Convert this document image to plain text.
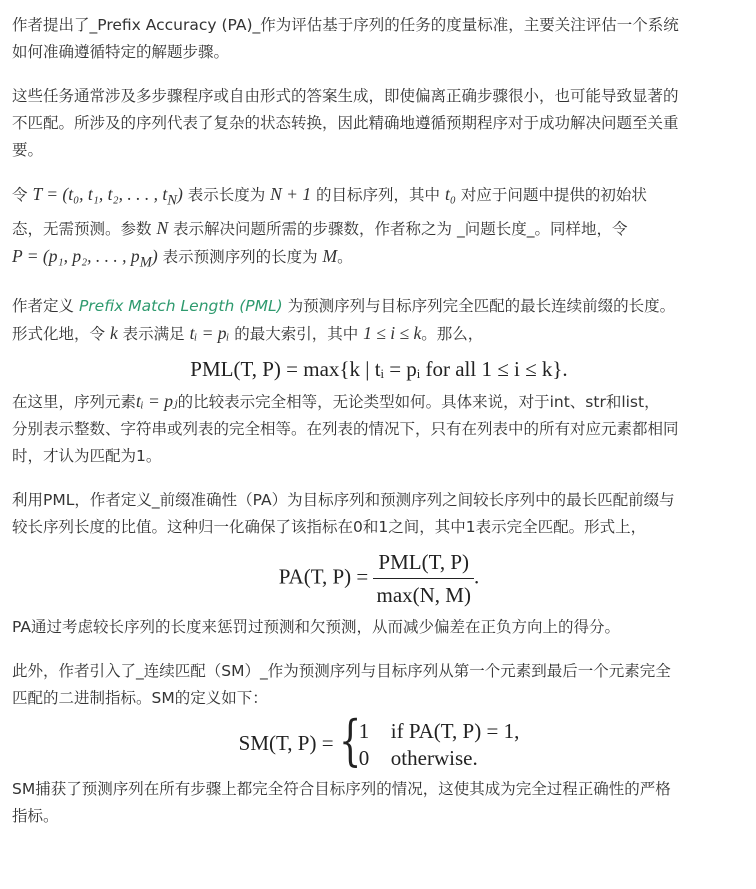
作者提出了_Prefix Accuracy (PA)_作为评估基于序列的任务的度量标准，主要关注评估一个系统
如何准确遵循特定的解题步骤。

这些任务通常涉及多步骤程序或自由形式的答案生成，即使偏离正确步骤很小，也可能导致显著的
不匹配。所涉及的序列代表了复杂的状态转换，因此精确地遵循预期程序对于成功解决问题至关重
要。

令 T = (t₀, t₁, t₂, . . . , $t_N$) 表示长度为 N + 1 的目标序列，其中 t₀ 对应于问题中提供的初始状
态，无需预测。参数 N 表示解决问题所需的步骤数，作者称之为 _问题长度_。同样地，令
P = (p₁, p₂, . . . , $p_M$) 表示预测序列的长度为 M。

作者定义 Prefix Match Length (PML) 为预测序列与目标序列完全匹配的最长连续前缀的长度。
形式化地，令 k 表示满足 tᵢ = pᵢ 的最大索引，其中 1 ≤ i ≤ k。那么，

PML(T, P) = max{k | tᵢ = pᵢ for all 1 ≤ i ≤ k}.

在这里，序列元素tᵢ = pⱼ的比较表示完全相等，无论类型如何。具体来说，对于int、str和list，
分别表示整数、字符串或列表的完全相等。在列表的情况下，只有在列表中的所有对应元素都相同
时，才认为匹配为1。

利用PML，作者定义_前缀准确性（PA）为目标序列和预测序列之间较长序列中的最长匹配前缀与
较长序列长度的比值。这种归一化确保了该指标在0和1之间，其中1表示完全匹配。形式上，

PA(T, $P) = \frac{\text{PML(T, P)}}{\max(N, M)}$ .

PA通过考虑较长序列的长度来惩罚过预测和欠预测，从而减少偏差在正负方向上的得分。

此外，作者引入了_连续匹配（SM）_作为预测序列与目标序列从第一个元素到最后一个元素完全
匹配的二进制指标。SM的定义如下：

SM(T, P) = {
1 if PA(T, P) = 1,
0 otherwise.

SM捕获了预测序列在所有步骤上都完全符合目标序列的情况，这使其成为完全过程正确性的严格
指标。
